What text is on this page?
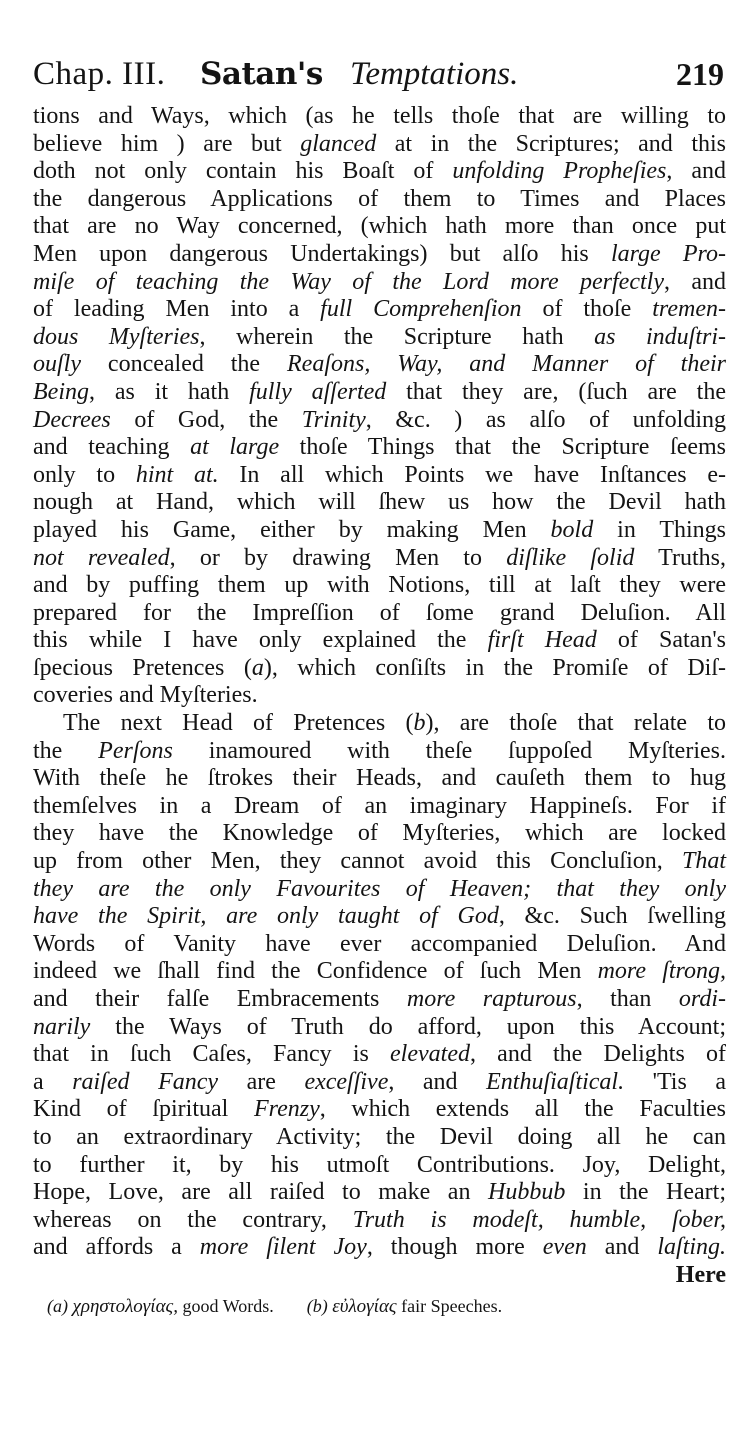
Chap. III. Satan's Temptations.	219
tions and Ways, which (as he tells thoſe that are willing to
believe him ) are but glanced at in the Scriptures; and this
doth not only contain his Boaſt of unfolding Propheſies, and
the dangerous Applications of them to Times and Places
that are no Way concerned, (which hath more than once put
Men upon dangerous Undertakings) but alſo his large Pro-
miſe of teaching the Way of the Lord more perfectly, and
of leading Men into a full Comprehenſion of thoſe tremen-
dous Myſteries, wherein the Scripture hath as induſtri-
ouſly concealed the Reaſons, Way, and Manner of their
Being, as it hath fully aſſerted that they are, (ſuch are the
Decrees of God, the Trinity, &c. ) as alſo of unfolding
and teaching at large thoſe Things that the Scripture ſeems
only to hint at. In all which Points we have Inſtances e-
nough at Hand, which will ſhew us how the Devil hath
played his Game, either by making Men bold in Things
not revealed, or by drawing Men to diſlike ſolid Truths,
and by puffing them up with Notions, till at laſt they were
prepared for the Impreſſion of ſome grand Deluſion. All
this while I have only explained the firſt Head of Satan's
ſpecious Pretences (a), which conſiſts in the Promiſe of Diſ-
coveries and Myſteries.
The next Head of Pretences (b), are thoſe that relate to
the Perſons inamoured with theſe ſuppoſed Myſteries.
With theſe he ſtrokes their Heads, and cauſeth them to hug
themſelves in a Dream of an imaginary Happineſs. For if
they have the Knowledge of Myſteries, which are locked
up from other Men, they cannot avoid this Concluſion, That
they are the only Favourites of Heaven; that they only
have the Spirit, are only taught of God, &c. Such ſwelling
Words of Vanity have ever accompanied Deluſion. And
indeed we ſhall find the Confidence of ſuch Men more ſtrong,
and their falſe Embracements more rapturous, than ordi-
narily the Ways of Truth do afford, upon this Account;
that in ſuch Caſes, Fancy is elevated, and the Delights of
a raiſed Fancy are exceſſive, and Enthuſiaſtical. 'Tis a
Kind of ſpiritual Frenzy, which extends all the Faculties
to an extraordinary Activity; the Devil doing all he can
to further it, by his utmoſt Contributions. Joy, Delight,
Hope, Love, are all raiſed to make an Hubbub in the Heart;
whereas on the contrary, Truth is modeſt, humble, ſober,
and affords a more ſilent Joy, though more even and laſting.
Here
(a) χρηστολογίας, good Words. (b) εὐλογίας fair Speeches.
